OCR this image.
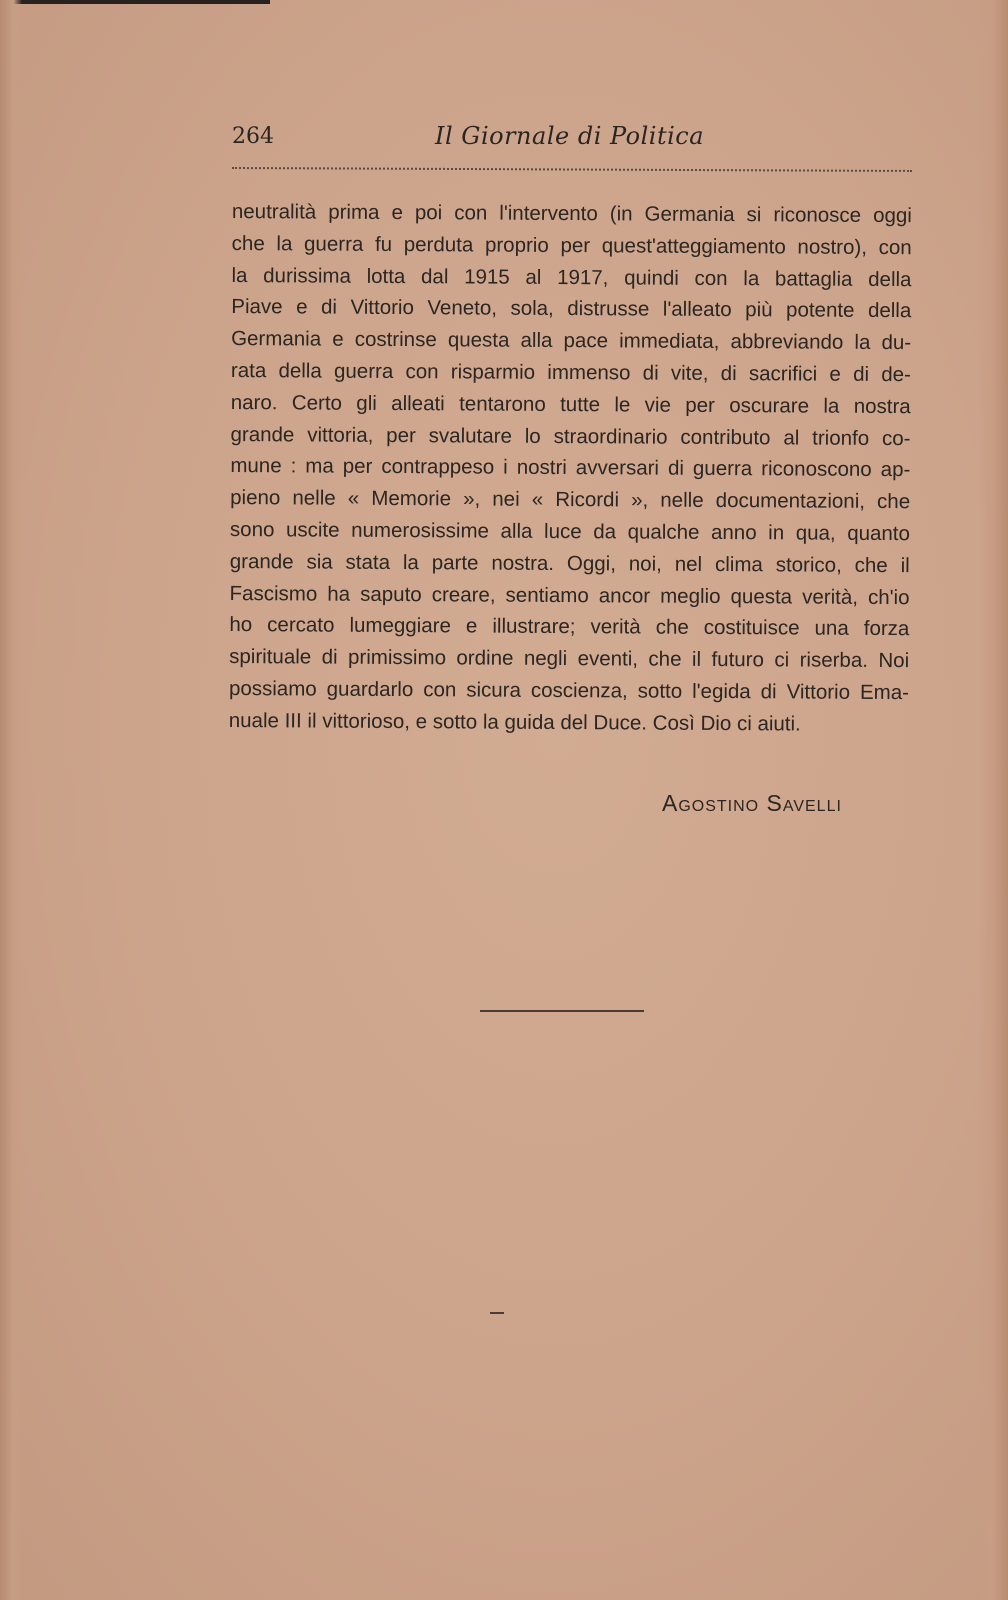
264	Il Giornale di Politica
neutralità prima e poi con l'intervento (in Germania si riconosce oggi
che la guerra fu perduta proprio per quest'atteggiamento nostro), con
la durissima lotta dal 1915 al 1917, quindi con la battaglia della
Piave e di Vittorio Veneto, sola, distrusse l'alleato più potente della
Germania e costrinse questa alla pace immediata, abbreviando la du-
rata della guerra con risparmio immenso di vite, di sacrifici e di de-
naro. Certo gli alleati tentarono tutte le vie per oscurare la nostra
grande vittoria, per svalutare lo straordinario contributo al trionfo co-
mune : ma per contrappeso i nostri avversari di guerra riconoscono ap-
pieno nelle « Memorie », nei « Ricordi », nelle documentazioni, che
sono uscite numerosissime alla luce da qualche anno in qua, quanto
grande sia stata la parte nostra. Oggi, noi, nel clima storico, che il
Fascismo ha saputo creare, sentiamo ancor meglio questa verità, ch'io
ho cercato lumeggiare e illustrare; verità che costituisce una forza
spirituale di primissimo ordine negli eventi, che il futuro ci riserba. Noi
possiamo guardarlo con sicura coscienza, sotto l'egida di Vittorio Ema-
nuale III il vittorioso, e sotto la guida del Duce. Così Dio ci aiuti.
Agostino Savelli
